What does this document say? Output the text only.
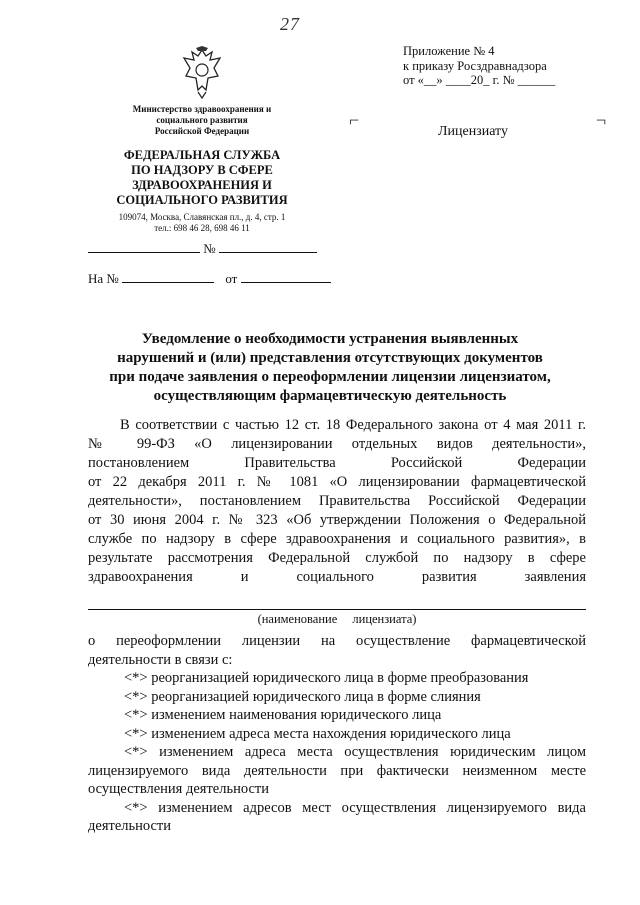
27
Министерство здравоохранения и
социального развития
Российской Федерации
ФЕДЕРАЛЬНАЯ СЛУЖБА
ПО НАДЗОРУ В СФЕРЕ
ЗДРАВООХРАНЕНИЯ И
СОЦИАЛЬНОГО РАЗВИТИЯ
109074, Москва, Славянская пл., д. 4, стр. 1
тел.: 698 46 28, 698 46 11
Приложение № 4
к приказу Росздравнадзора
от «__» ____20_ г. № ______
⌐	¬
Лицензиату
№
На №	от
Уведомление о необходимости устранения выявленных
нарушений и (или) представления отсутствующих документов
при подаче заявления о переоформлении лицензии лицензиатом,
осуществляющим фармацевтическую деятельность
В соответствии с частью 12 ст. 18 Федерального закона от 4 мая 2011 г.
№ 99-ФЗ «О лицензировании отдельных видов деятельности»,
постановлением Правительства Российской Федерации
от 22 декабря 2011 г. № 1081 «О лицензировании фармацевтической
деятельности», постановлением Правительства Российской Федерации
от 30 июня 2004 г. № 323 «Об утверждении Положения о Федеральной
службе по надзору в сфере здравоохранения и социального развития», в
результате рассмотрения Федеральной службой по надзору в сфере
здравоохранения и социального развития заявления
(наименование лицензиата)
о переоформлении лицензии на осуществление фармацевтической
деятельности в связи с:
<*> реорганизацией юридического лица в форме преобразования
<*> реорганизацией юридического лица в форме слияния
<*> изменением наименования юридического лица
<*> изменением адреса места нахождения юридического лица
<*> изменением адреса места осуществления юридическим лицом
лицензируемого вида деятельности при фактически неизменном месте
осуществления деятельности
<*> изменением адресов мест осуществления лицензируемого вида
деятельности
